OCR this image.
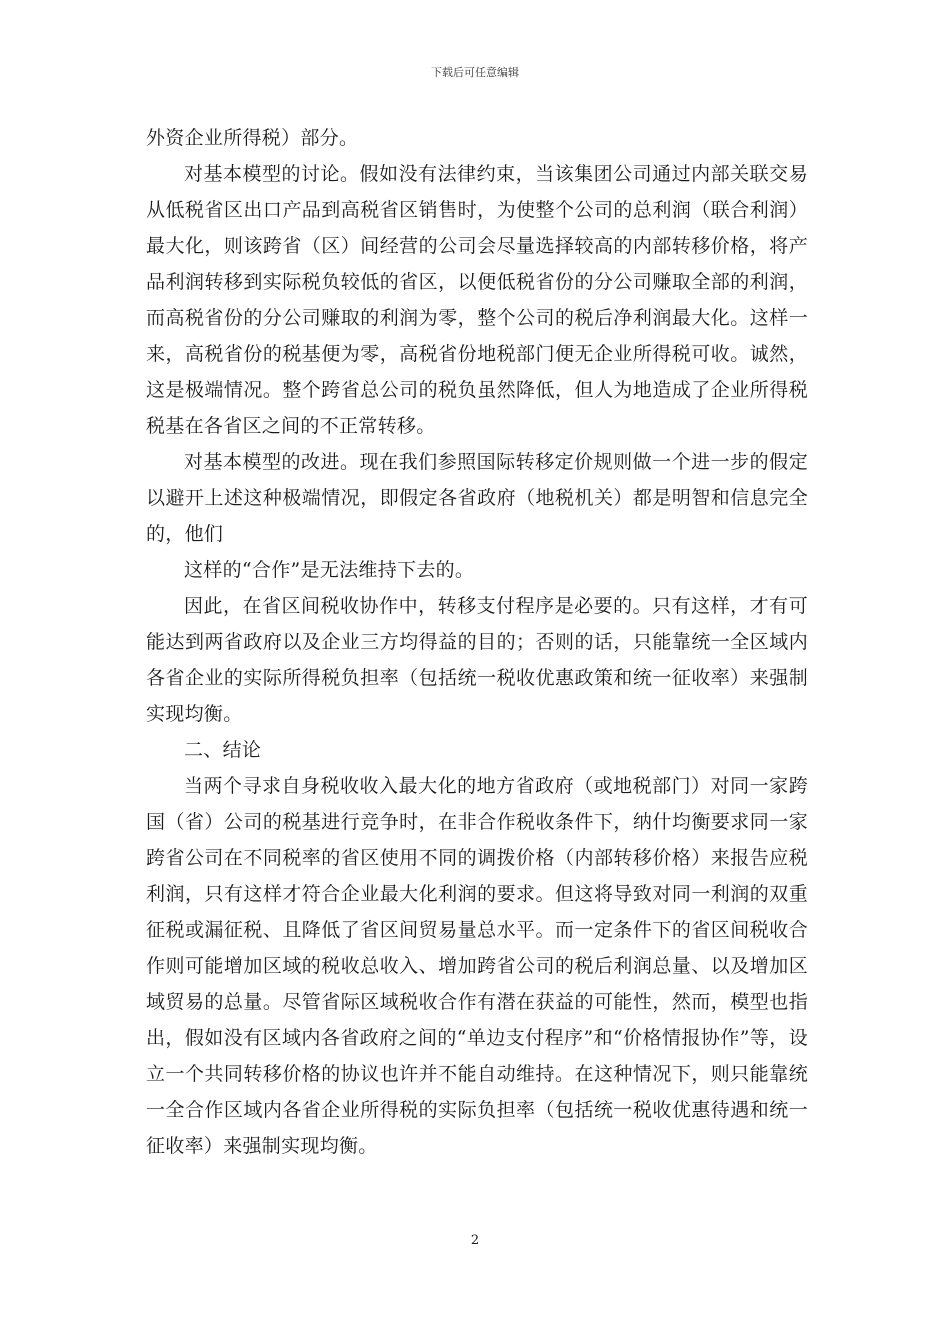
下载后可任意编辑

外资企业所得税）部分。

对基本模型的讨论。假如没有法律约束，当该集团公司通过内部关联交易从低税省区出口产品到高税省区销售时，为使整个公司的总利润（联合利润）最大化，则该跨省（区）间经营的公司会尽量选择较高的内部转移价格，将产品利润转移到实际税负较低的省区，以便低税省份的分公司赚取全部的利润，而高税省份的分公司赚取的利润为零，整个公司的税后净利润最大化。这样一来，高税省份的税基便为零，高税省份地税部门便无企业所得税可收。诚然，这是极端情况。整个跨省总公司的税负虽然降低，但人为地造成了企业所得税税基在各省区之间的不正常转移。

对基本模型的改进。现在我们参照国际转移定价规则做一个进一步的假定以避开上述这种极端情况，即假定各省政府（地税机关）都是明智和信息完全的，他们

这样的“合作”是无法维持下去的。

因此，在省区间税收协作中，转移支付程序是必要的。只有这样，才有可能达到两省政府以及企业三方均得益的目的；否则的话，只能靠统一全区域内各省企业的实际所得税负担率（包括统一税收优惠政策和统一征收率）来强制实现均衡。

二、结论

当两个寻求自身税收收入最大化的地方省政府（或地税部门）对同一家跨国（省）公司的税基进行竞争时，在非合作税收条件下，纳什均衡要求同一家跨省公司在不同税率的省区使用不同的调拨价格（内部转移价格）来报告应税利润，只有这样才符合企业最大化利润的要求。但这将导致对同一利润的双重征税或漏征税、且降低了省区间贸易量总水平。而一定条件下的省区间税收合作则可能增加区域的税收总收入、增加跨省公司的税后利润总量、以及增加区域贸易的总量。尽管省际区域税收合作有潜在获益的可能性，然而，模型也指出，假如没有区域内各省政府之间的“单边支付程序”和“价格情报协作”等，设立一个共同转移价格的协议也许并不能自动维持。在这种情况下，则只能靠统一全合作区域内各省企业所得税的实际负担率（包括统一税收优惠待遇和统一征收率）来强制实现均衡。

2
